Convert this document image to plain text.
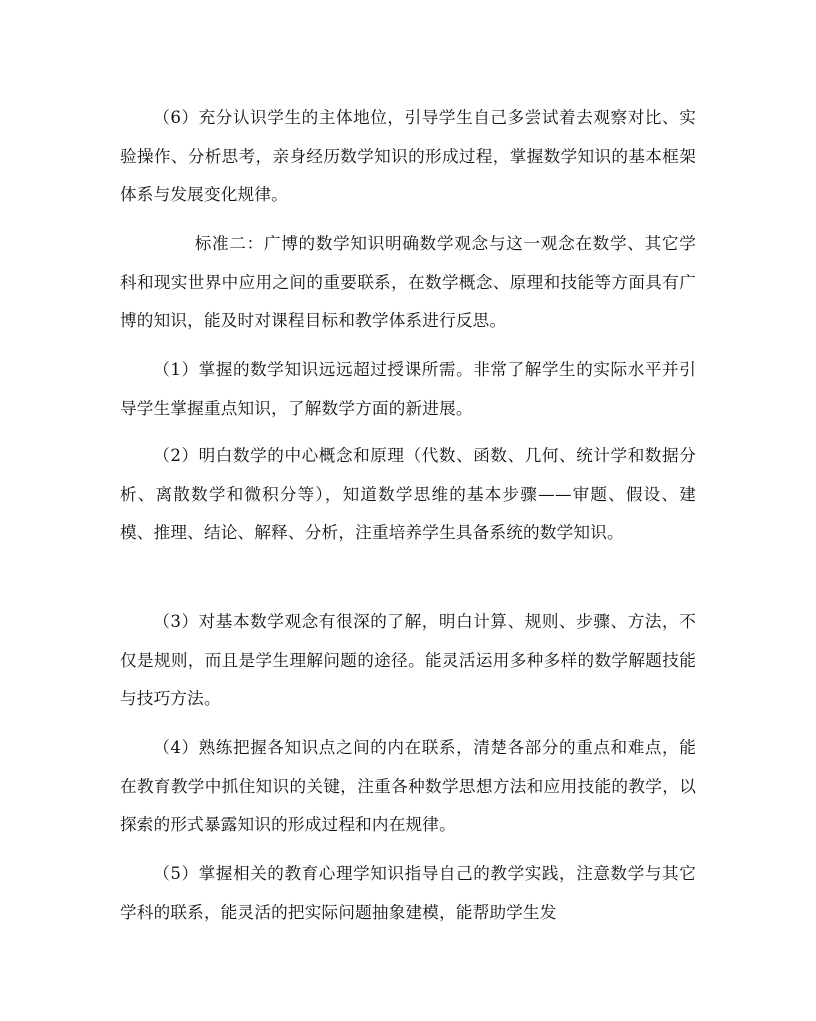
（6）充分认识学生的主体地位，引导学生自己多尝试着去观察对比、实验操作、分析思考，亲身经历数学知识的形成过程，掌握数学知识的基本框架体系与发展变化规律。

标准二：广博的数学知识明确数学观念与这一观念在数学、其它学科和现实世界中应用之间的重要联系，在数学概念、原理和技能等方面具有广博的知识，能及时对课程目标和教学体系进行反思。

（1）掌握的数学知识远远超过授课所需。非常了解学生的实际水平并引导学生掌握重点知识，了解数学方面的新进展。

（2）明白数学的中心概念和原理（代数、函数、几何、统计学和数据分析、离散数学和微积分等），知道数学思维的基本步骤——审题、假设、建模、推理、结论、解释、分析，注重培养学生具备系统的数学知识。

（3）对基本数学观念有很深的了解，明白计算、规则、步骤、方法，不仅是规则，而且是学生理解问题的途径。能灵活运用多种多样的数学解题技能与技巧方法。

（4）熟练把握各知识点之间的内在联系，清楚各部分的重点和难点，能在教育教学中抓住知识的关键，注重各种数学思想方法和应用技能的教学，以探索的形式暴露知识的形成过程和内在规律。

（5）掌握相关的教育心理学知识指导自己的教学实践，注意数学与其它学科的联系，能灵活的把实际问题抽象建模，能帮助学生发
